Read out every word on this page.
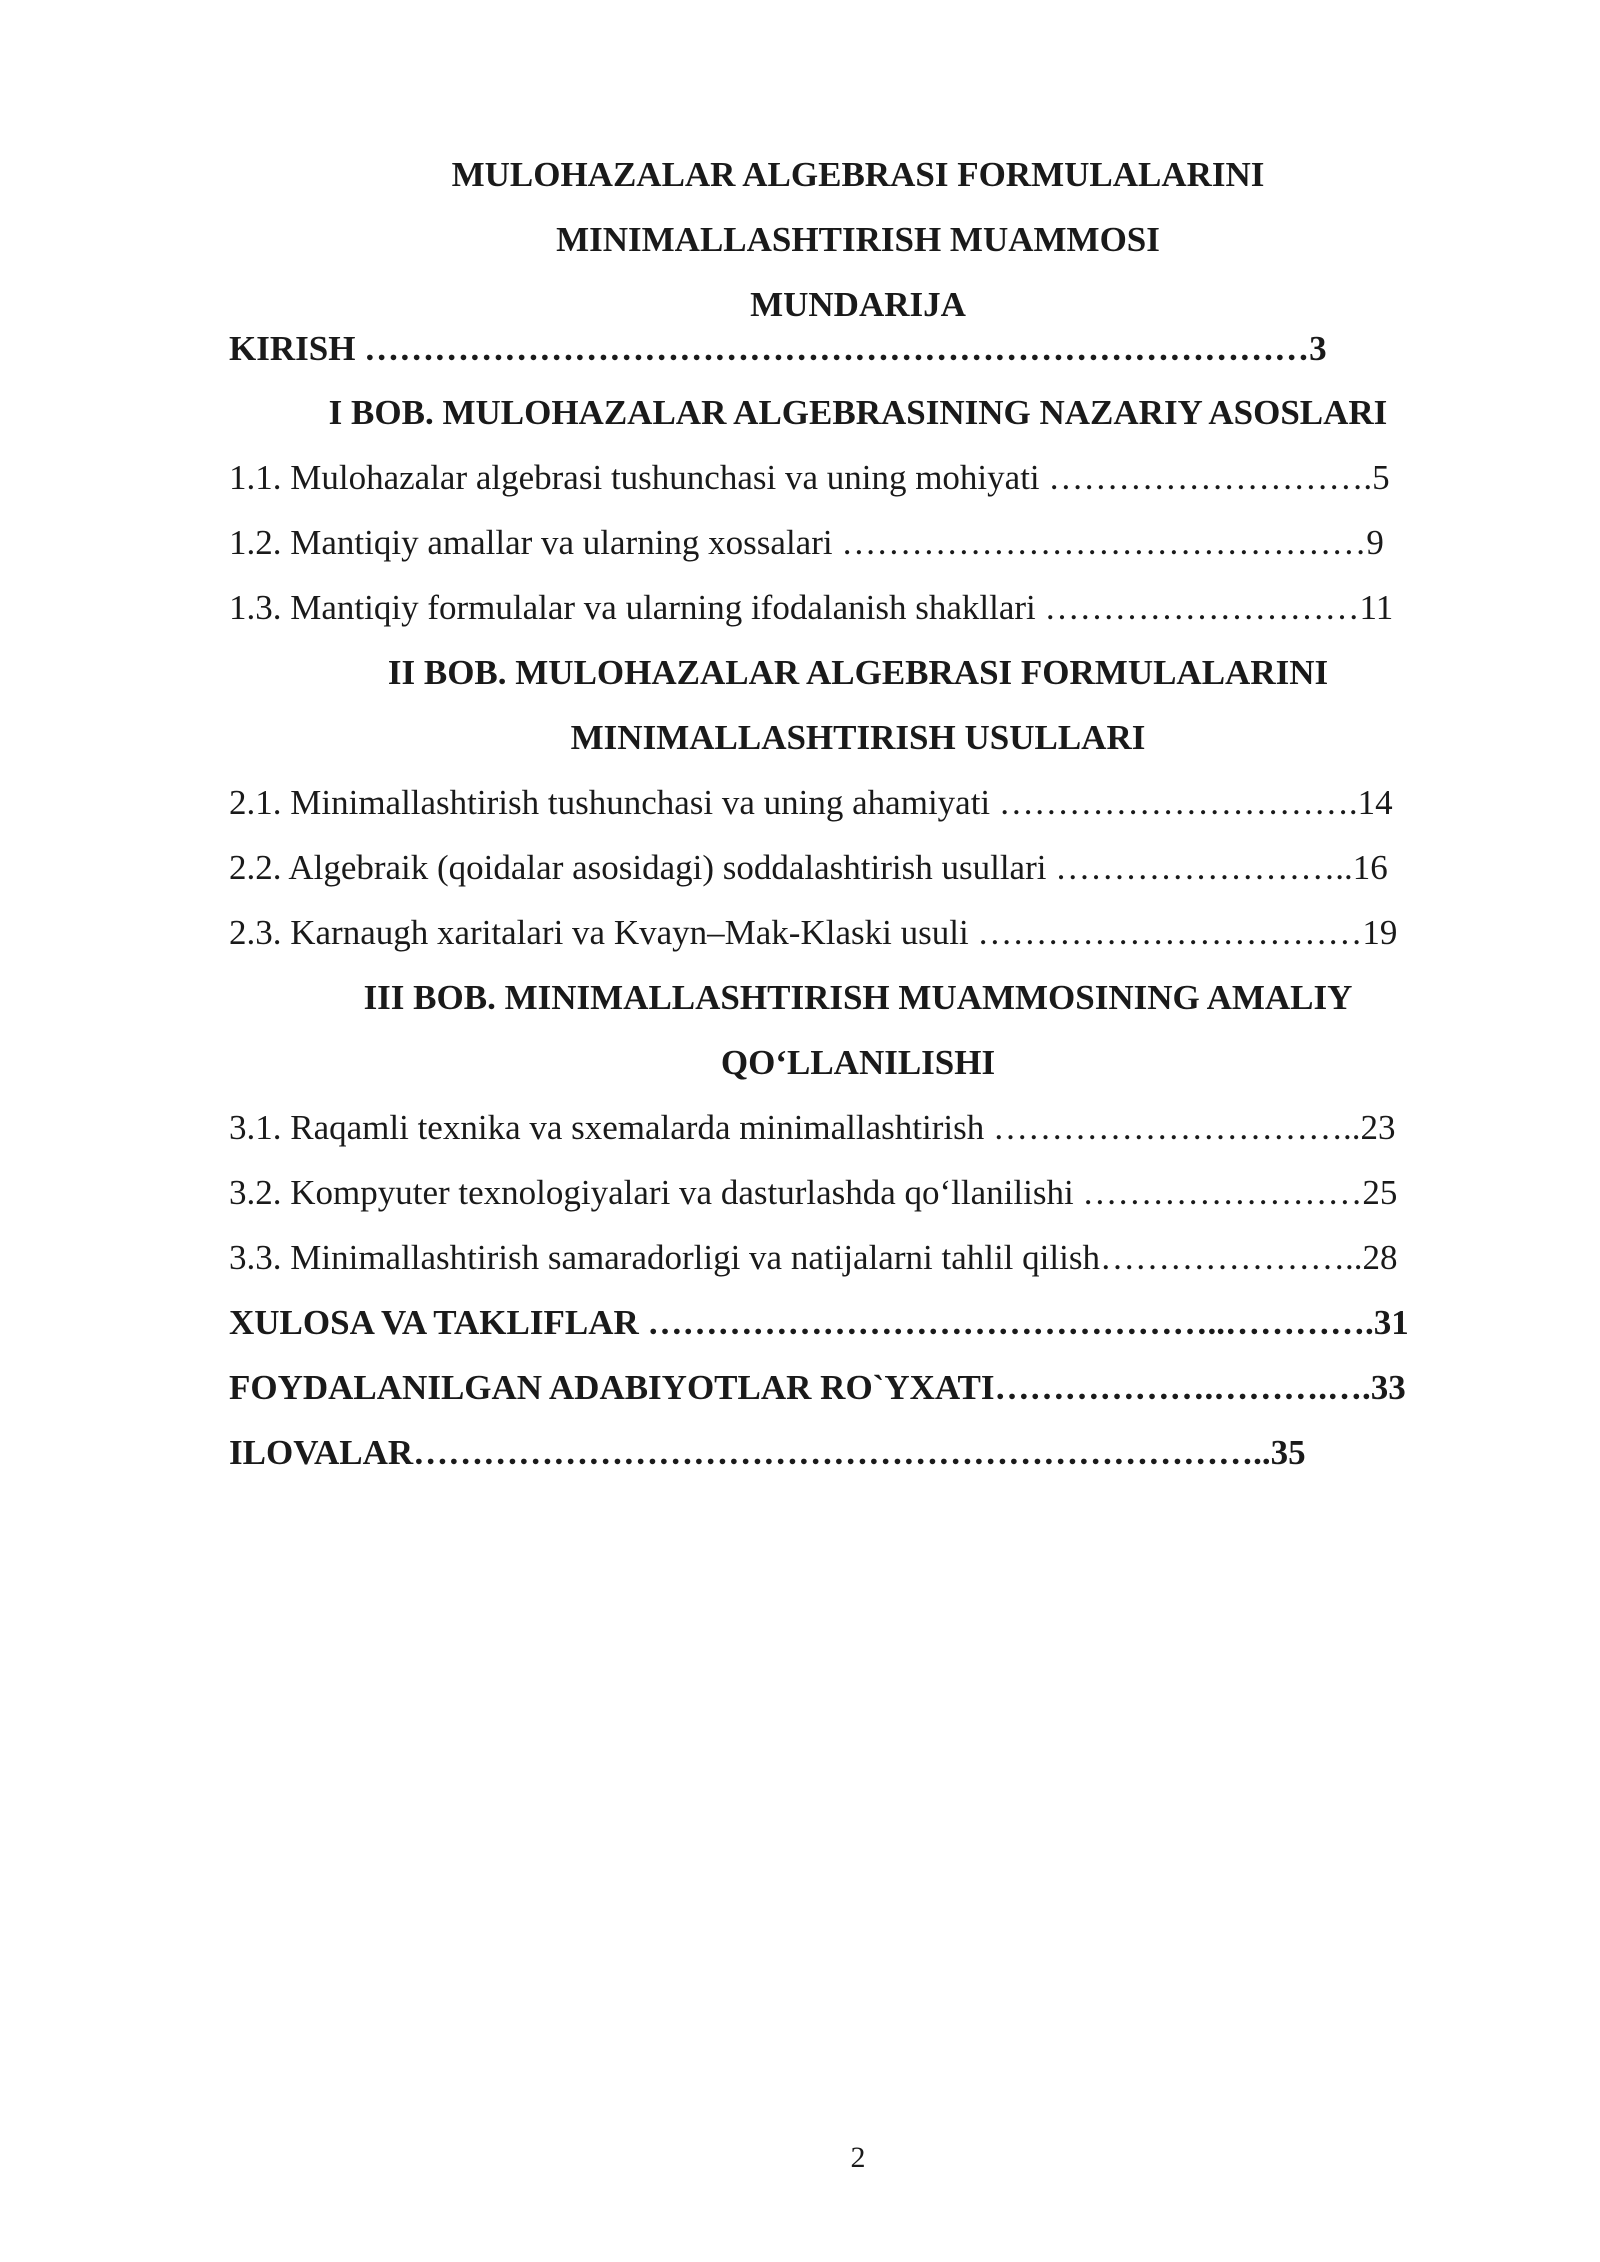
MULOHAZALAR ALGEBRASI FORMULALARINI
MINIMALLASHTIRISH MUAMMOSI
MUNDARIJA
KIRISH ………………………………………………………………………3
I BOB. MULOHAZALAR ALGEBRASINING NAZARIY ASOSLARI
1.1. Mulohazalar algebrasi tushunchasi va uning mohiyati ……………………….5
1.2. Mantiqiy amallar va ularning xossalari ………………………………………9
1.3. Mantiqiy formulalar va ularning ifodalanish shakllari ………………………11
II BOB. MULOHAZALAR ALGEBRASI FORMULALARINI
MINIMALLASHTIRISH USULLARI
2.1. Minimallashtirish tushunchasi va uning ahamiyati ………………………….14
2.2. Algebraik (qoidalar asosidagi) soddalashtirish usullari ……………………..16
2.3. Karnaugh xaritalari va Kvayn–Mak-Klaski usuli ……………………………19
III BOB. MINIMALLASHTIRISH MUAMMOSINING AMALIY
QO‘LLANILISHI
3.1. Raqamli texnika va sxemalarda minimallashtirish …………………………..23
3.2. Kompyuter texnologiyalari va dasturlashda qo‘llanilishi ……………………25
3.3. Minimallashtirish samaradorligi va natijalarni tahlil qilish…………………..28
XULOSA VA TAKLIFLAR …………………………………………..………….31
FOYDALANILGAN ADABIYOTLAR RO`YXATI……………….……….….33
ILOVALAR………………………………………………………………..35
2
